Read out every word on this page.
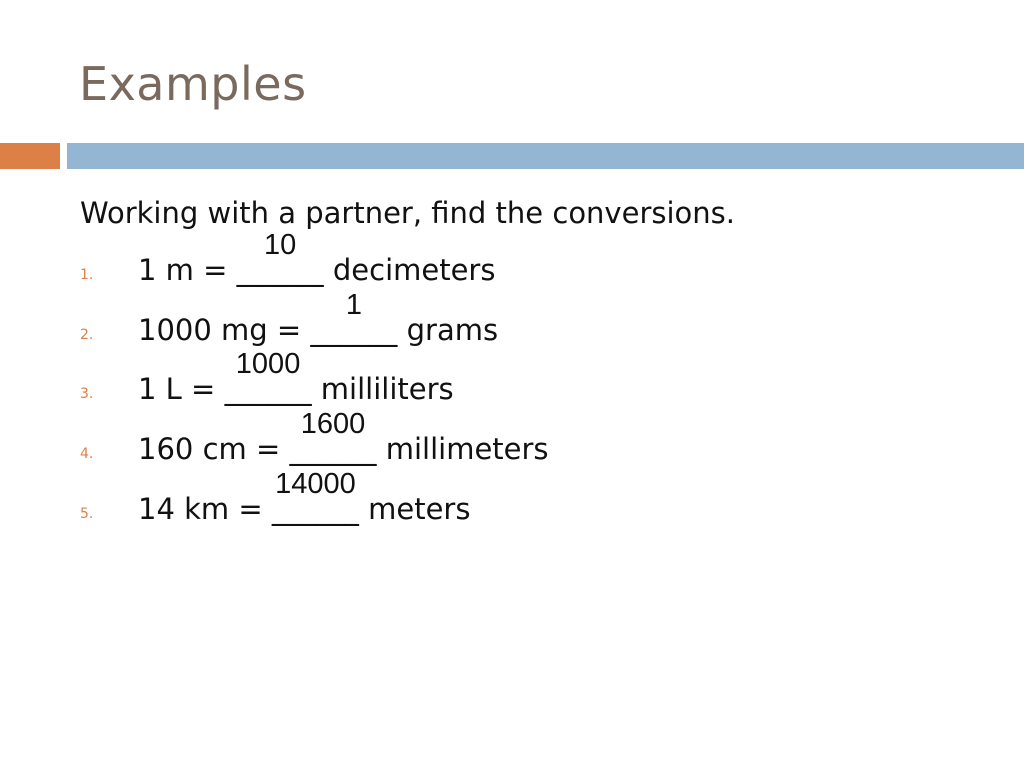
Examples
Working with a partner, find the conversions.
1. 1 m = ______
10
decimeters
2. 1000 mg = ______
1
grams
3. 1 L = ______
1000
milliliters
4. 160 cm = ______
1600
millimeters
5. 14 km = ______
14000
meters
